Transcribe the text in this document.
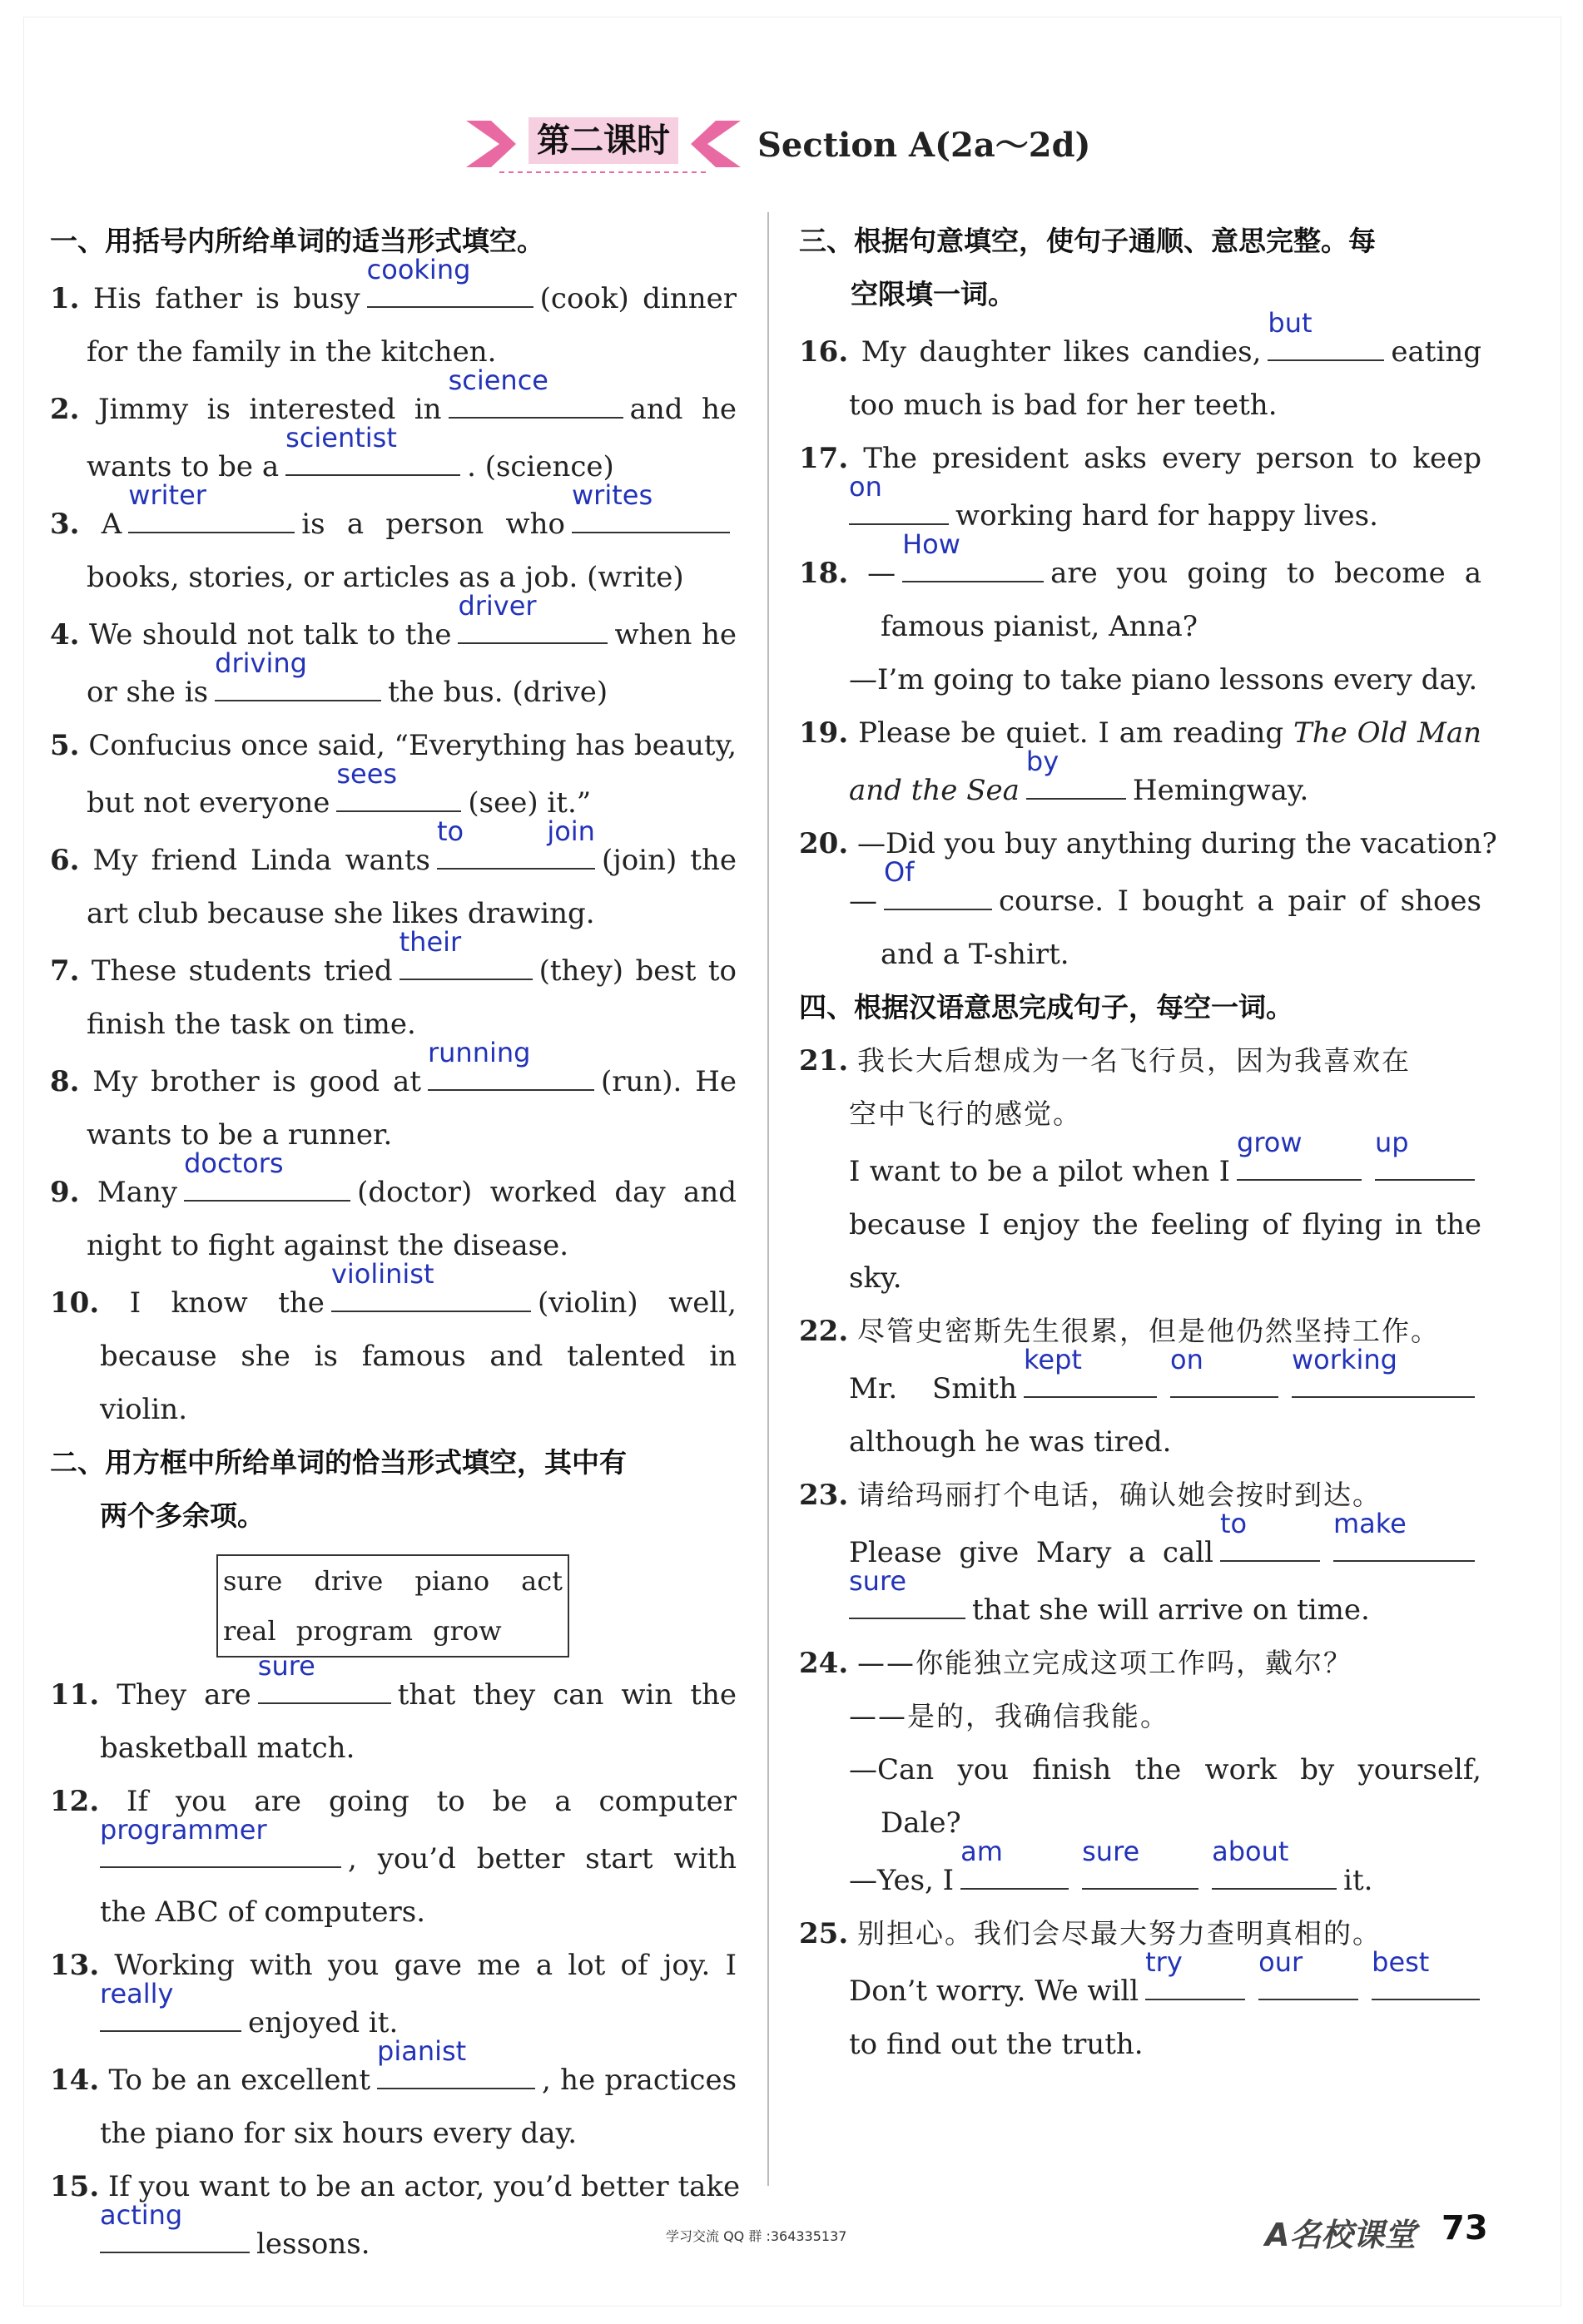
第二课时	Section A(2a～2d)
一、用括号内所给单词的适当形式填空。
1. His father is busy
cooking
(cook) dinner
for the family in the kitchen.
2. Jimmy is interested in
science
and he
wants to be a
scientist
. (science)
3. A
writer
is a person who
writes
books, stories, or articles as a job. (write)
4. We should not talk to the
driver
when he
or she is
driving
the bus. (drive)
5. Confucius once said, “Everything has beauty,
but not everyone
sees
(see) it.”
6. My friend Linda wants
to join
(join) the
art club because she likes drawing.
7. These students tried
their
(they) best to
finish the task on time.
8. My brother is good at
running
(run). He
wants to be a runner.
9. Many
doctors
(doctor) worked day and
night to fight against the disease.
10. I know the
violinist
(violin) well,
because she is famous and talented in
violin.
二、用方框中所给单词的恰当形式填空，其中有
两个多余项。
sure drive piano act
real program grow
11. They are
sure
that they can win the
basketball match.
12. If you are going to be a computer
programmer
, you’d better start with
the ABC of computers.
13. Working with you gave me a lot of joy. I
really
enjoyed it.
14. To be an excellent
pianist
, he practices
the piano for six hours every day.
15. If you want to be an actor, you’d better take
acting
lessons.
三、根据句意填空，使句子通顺、意思完整。每
空限填一词。
16. My daughter likes candies,
but
eating
too much is bad for her teeth.
17. The president asks every person to keep
on
working hard for happy lives.
18. —
How
are you going to become a
famous pianist, Anna?
—I’m going to take piano lessons every day.
19. Please be quiet. I am reading The Old Man
and the Sea
by
Hemingway.
20. —Did you buy anything during the vacation?
—
Of
course. I bought a pair of shoes
and a T-shirt.
四、根据汉语意思完成句子，每空一词。
21. 我长大后想成为一名飞行员，因为我喜欢在
空中飞行的感觉。
I want to be a pilot when I
grow	up
because I enjoy the feeling of flying in the
sky.
22. 尽管史密斯先生很累，但是他仍然坚持工作。
Mr. Smith
kept	on	working
although he was tired.
23. 请给玛丽打个电话，确认她会按时到达。
Please give Mary a call
to	make
sure
that she will arrive on time.
24. ——你能独立完成这项工作吗，戴尔？
——是的，我确信我能。
—Can you finish the work by yourself,
Dale?
—Yes, I
am	sure	about
it.
25. 别担心。我们会尽最大努力查明真相的。
Don’t worry. We will
try	our	best
to find out the truth.
学习交流 QQ 群 :364335137	A名校课堂 73
